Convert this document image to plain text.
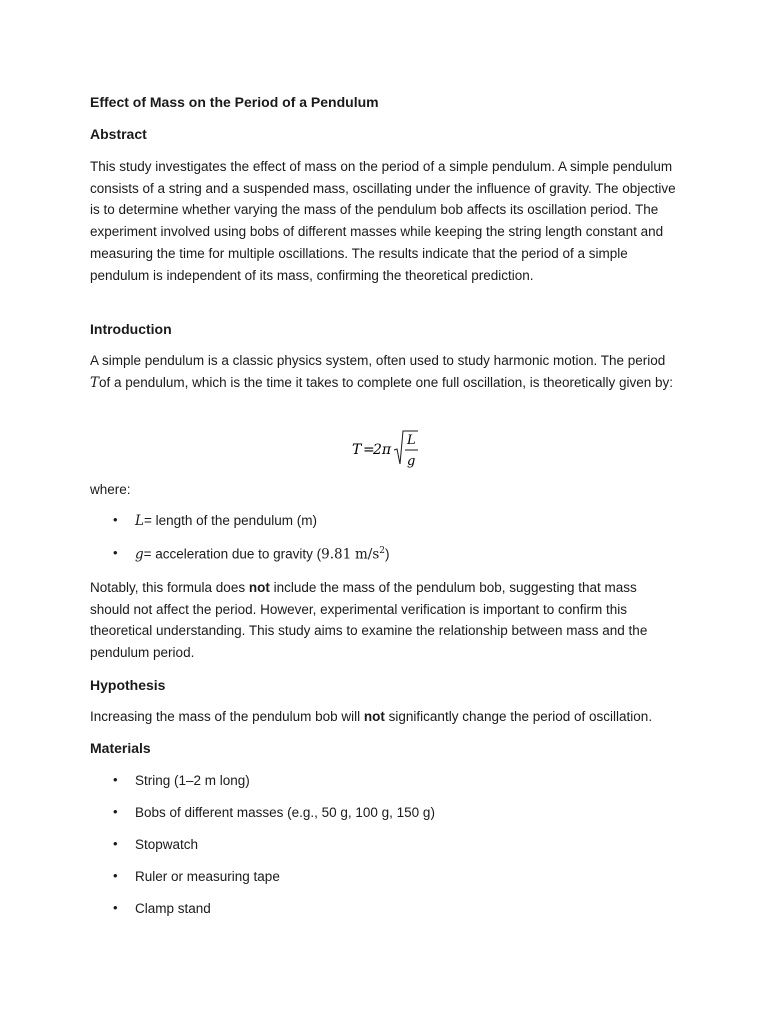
Effect of Mass on the Period of a Pendulum
Abstract

This study investigates the effect of mass on the period of a simple pendulum. A simple pendulum consists of a string and a suspended mass, oscillating under the influence of gravity. The objective is to determine whether varying the mass of the pendulum bob affects its oscillation period. The experiment involved using bobs of different masses while keeping the string length constant and measuring the time for multiple oscillations. The results indicate that the period of a simple pendulum is independent of its mass, confirming the theoretical prediction.

Introduction

A simple pendulum is a classic physics system, often used to study harmonic motion. The period
Tof a pendulum, which is the time it takes to complete one full oscillation, is theoretically given by:

T =
2π
L
g

where:

• L= length of the pendulum (m)
• g= acceleration due to gravity (9.81 $m/s^2$)

Notably, this formula does not include the mass of the pendulum bob, suggesting that mass should not affect the period. However, experimental verification is important to confirm this theoretical understanding. This study aims to examine the relationship between mass and the pendulum period.

Hypothesis

Increasing the mass of the pendulum bob will not significantly change the period of oscillation.

Materials
• String (1–2 m long)
• Bobs of different masses (e.g., 50 g, 100 g, 150 g)
• Stopwatch
• Ruler or measuring tape
• Clamp stand
